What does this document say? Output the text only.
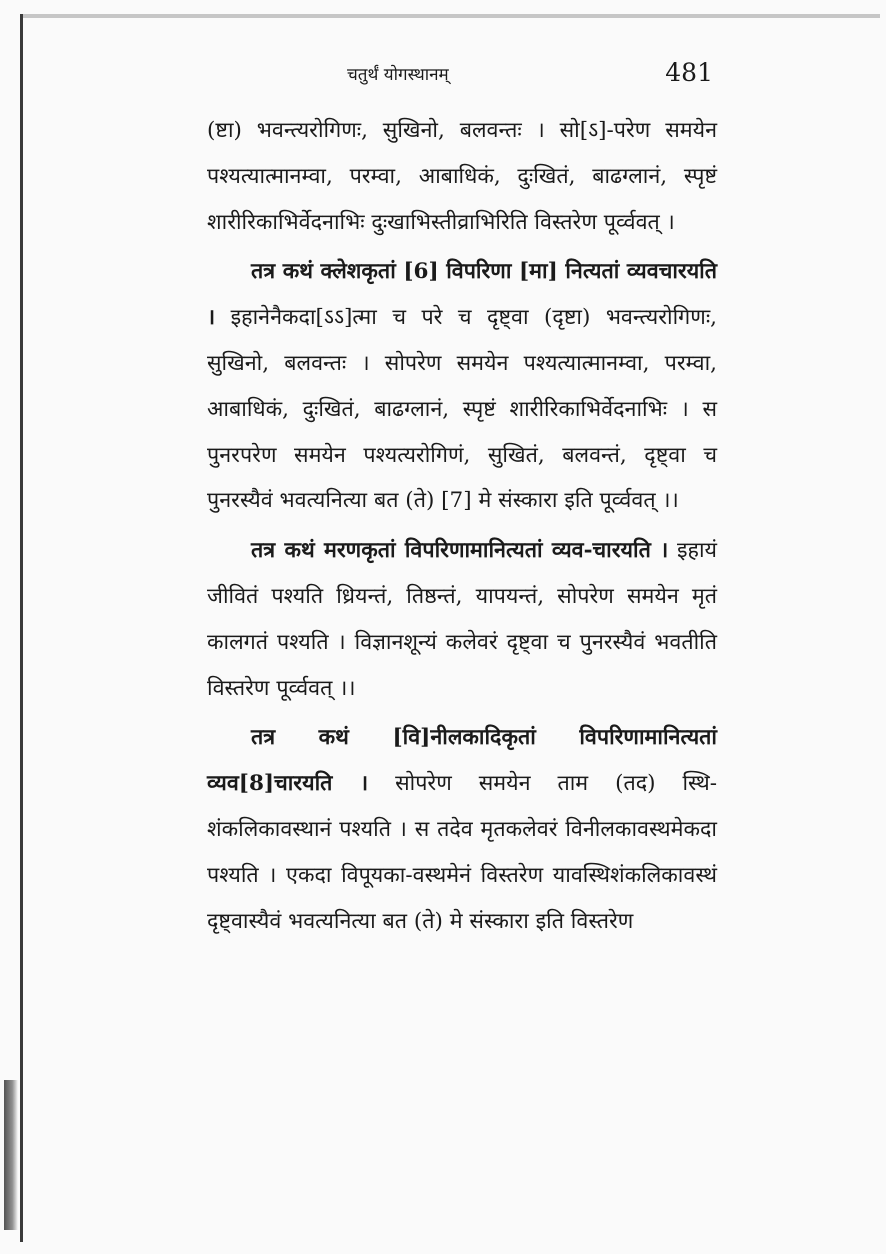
चतुर्थं योगस्थानम्	481

(ष्टा) भवन्त्यरोगिणः, सुखिनो, बलवन्तः । सो[ऽ]-परेण समयेन पश्यत्यात्मानम्वा, परम्वा, आबाधिकं, दुःखितं, बाढग्लानं, स्पृष्टं शारीरिकाभिर्वेदनाभिः दुःखाभिस्तीव्राभिरिति विस्तरेण पूर्व्ववत् ।

तत्र कथं क्लेशकृतां [6] विपरिणा [मा] नित्यतां व्यवचारयति । इहानेनैकदा[ऽऽ]त्मा च परे च दृष्ट्वा (दृष्टा) भवन्त्यरोगिणः, सुखिनो, बलवन्तः । सोपरेण समयेन पश्यत्यात्मानम्वा, परम्वा, आबाधिकं, दुःखितं, बाढग्लानं, स्पृष्टं शारीरिकाभिर्वेदनाभिः । स पुनरपरेण समयेन पश्यत्यरोगिणं, सुखितं, बलवन्तं, दृष्ट्वा च पुनरस्यैवं भवत्यनित्या बत (ते) [7] मे संस्कारा इति पूर्व्ववत् ।।

तत्र कथं मरणकृतां विपरिणामानित्यतां व्यव-चारयति । इहायं जीवितं पश्यति ध्रियन्तं, तिष्ठन्तं, यापयन्तं, सोपरेण समयेन मृतं कालगतं पश्यति । विज्ञानशून्यं कलेवरं दृष्ट्वा च पुनरस्यैवं भवतीति विस्तरेण पूर्व्ववत् ।।

तत्र कथं [वि]नीलकादिकृतां विपरिणामानित्यतां व्यव[8]चारयति । सोपरेण समयेन ताम (तद) स्थि-शंकलिकावस्थानं पश्यति । स तदेव मृतकलेवरं विनीलकावस्थमेकदा पश्यति । एकदा विपूयका-वस्थमेनं विस्तरेण यावस्थिशंकलिकावस्थं दृष्ट्वास्यैवं भवत्यनित्या बत (ते) मे संस्कारा इति विस्तरेण
